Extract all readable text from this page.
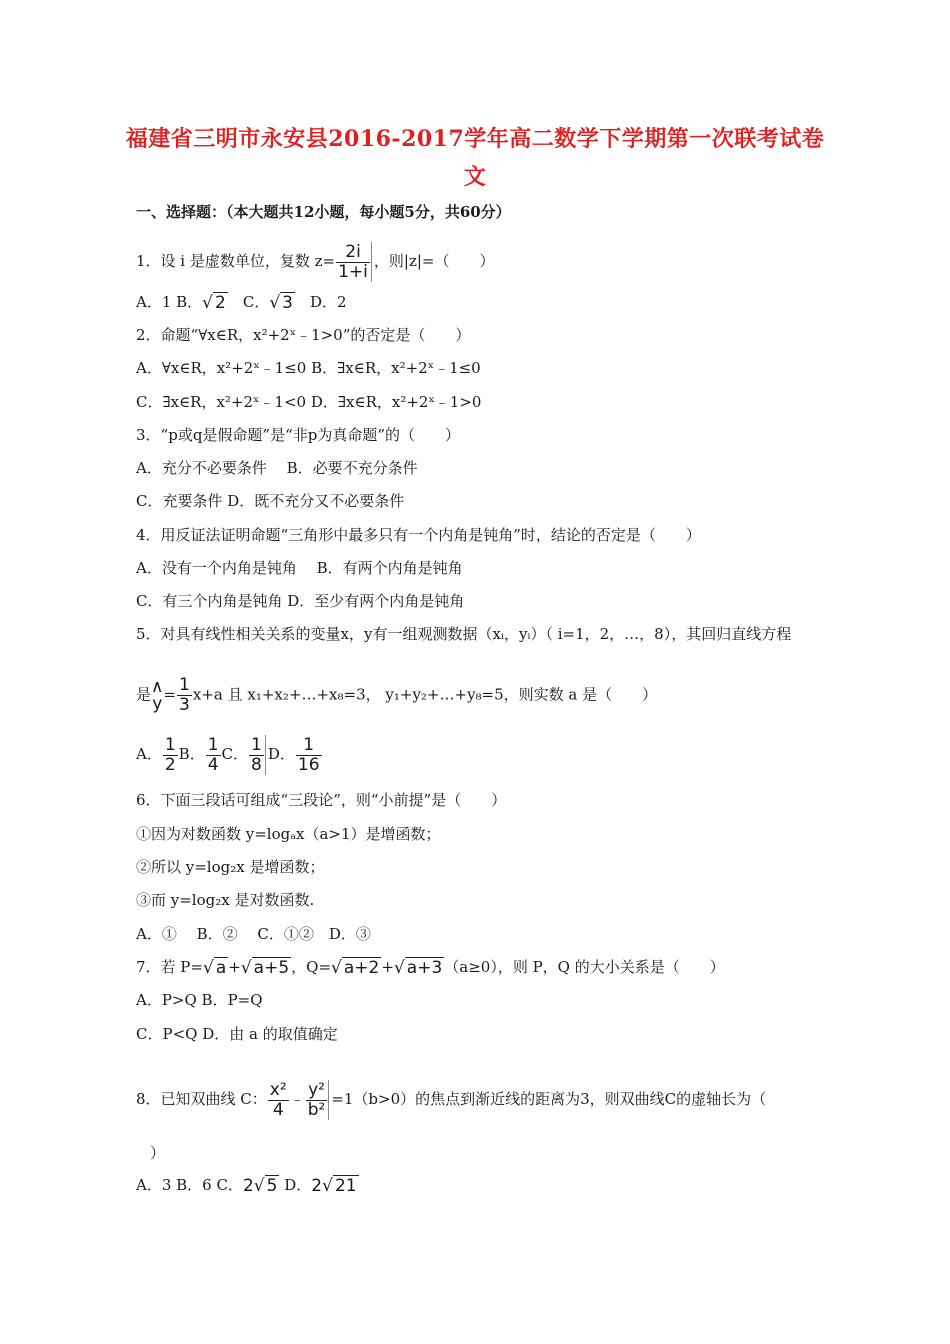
福建省三明市永安县2016-2017学年高二数学下学期第一次联考试卷
文
一、选择题：（本大题共12小题，每小题5分，共60分）
1．设 i 是虚数单位，复数 $z= \frac{2i}{1+i}$ ，则|z|=（　　）
A．1 B．√ 2　C．√ 3　D．2
2．命题“∀x∈R，x²+2ˣ﹣1>0”的否定是（　　）
A．∀x∈R，x²+2ˣ﹣1≤0 B．∃x∈R，x²+2ˣ﹣1≤0
C．∃x∈R，x²+2ˣ﹣1<0 D．∃x∈R，x²+2ˣ﹣1>0
3．“p或q是假命题”是“非p为真命题”的（　　）
A．充分不必要条件　 B．必要不充分条件
C．充要条件 D．既不充分又不必要条件
4．用反证法证明命题“三角形中最多只有一个内角是钝角”时，结论的否定是（　　）
A．没有一个内角是钝角　 B．有两个内角是钝角
C．有三个内角是钝角 D．至少有两个内角是钝角
5．对具有线性相关关系的变量x，y有一组观测数据（xᵢ，yᵢ）（ i=1，2，…，8），其回归直线方程
是 ∧
$y = \frac{1}{3} x+a$ 且 x₁+x₂+…+x₈=3， y₁+y₂+…+y₈=5，则实数 a 是（　　）
A． $\frac{1}{2}$ B． $\frac{1}{4}$ C． $\frac{1}{8}$ D． $\frac{1}{16}$
6．下面三段话可组成“三段论”，则“小前提”是（　　）
①因为对数函数 y=logₐx（a>1）是增函数；
②所以 y=log₂x 是增函数；
③而 y=log₂x 是对数函数.
A．①　 B．②　 C．①②　D．③
7．若 P=√ a +√ a+5 ，Q=√ a+2 +√ a+3 （a≥0），则 P，Q 的大小关系是（　　）
A．P>Q B．P=Q
C．P<Q D．由 a 的取值确定
8．已知双曲线 C： $\frac{\text{x²}}{4}$ ﹣ $\frac{\text{y²}}{\text{b²}} =1(b>0)$的焦点到渐近线的距离为3，则双曲线C的虚轴长为（
）
A．3 B．6 C．2√ 5 D．2√ 21
